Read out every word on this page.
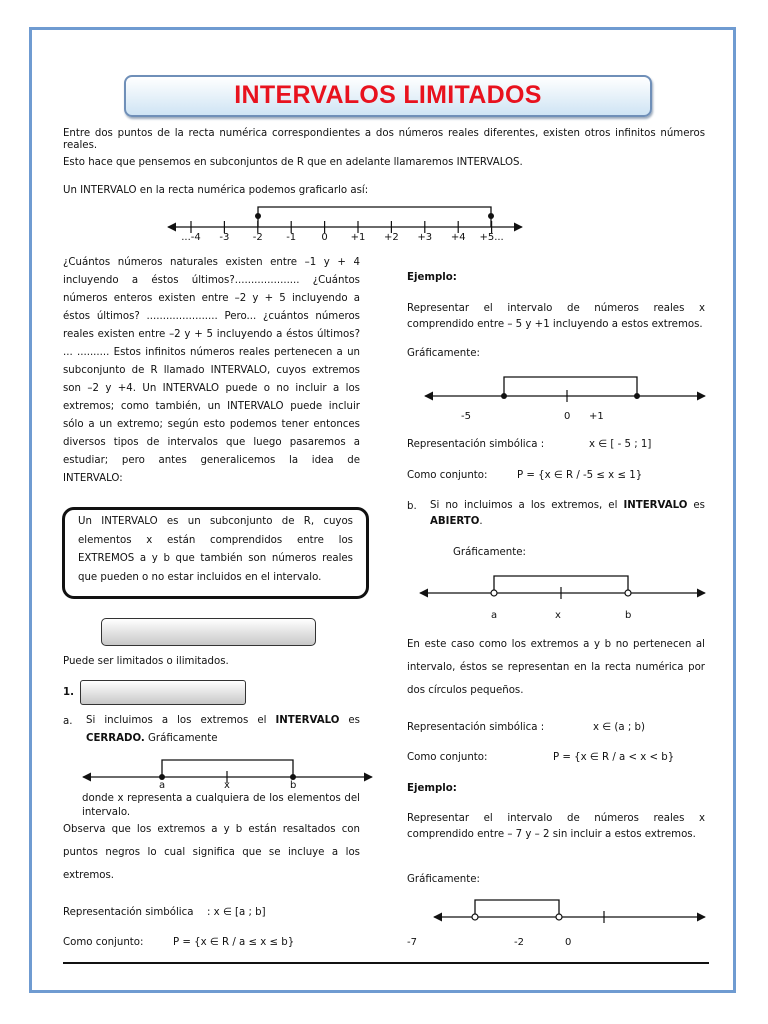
INTERVALOS LIMITADOS
Entre dos puntos de la recta numérica correspondientes a dos números reales diferentes, existen otros infinitos números reales.
Esto hace que pensemos en subconjuntos de R que en adelante llamaremos INTERVALOS.
Un INTERVALO en la recta numérica podemos graficarlo así:
...-4 -3 -2 -1	0 +1 +2 +3 +4 +5...
a	x	b
-5	0 +1
a	x	b
-7	-2	0
¿Cuántos números naturales existen entre –1 y + 4 incluyendo a éstos últimos?.................... ¿Cuántos números enteros existen entre –2 y + 5 incluyendo a éstos últimos? ...................... Pero... ¿cuántos números reales existen entre –2 y + 5 incluyendo a éstos últimos? ... .......... Estos infinitos números reales pertenecen a un subconjunto de R llamado INTERVALO, cuyos extremos son –2 y +4. Un INTERVALO puede o no incluir a los extremos; como también, un INTERVALO puede incluir sólo a un extremo; según esto podemos tener entonces diversos tipos de intervalos que luego pasaremos a estudiar; pero antes generalicemos la idea de INTERVALO:
Un INTERVALO es un subconjunto de R, cuyos elementos x están comprendidos entre los EXTREMOS a y b que también son números reales que pueden o no estar incluidos en el intervalo.
Puede ser limitados o ilimitados.
1.
a. Si incluimos a los extremos el INTERVALO es CERRADO. Gráficamente
donde x representa a cualquiera de los elementos del intervalo.
Observa que los extremos a y b están resaltados con puntos negros lo cual significa que se incluye a los extremos.
Representación simbólica : x ∈ [a ; b]
Como conjunto:	P = {x ∈ R / a ≤ x ≤ b}
Ejemplo:
Representar el intervalo de números reales x comprendido entre – 5 y +1 incluyendo a estos extremos.
Gráficamente:
Representación simbólica :	x ∈ [ - 5 ; 1]
Como conjunto:	P = {x ∈ R / -5 ≤ x ≤ 1}
b. Si no incluimos a los extremos, el INTERVALO es ABIERTO.
Gráficamente:
En este caso como los extremos a y b no pertenecen al intervalo, éstos se representan en la recta numérica por dos círculos pequeños.
Representación simbólica :	x ∈ (a ; b)
Como conjunto:	P = {x ∈ R / a < x < b}
Ejemplo:
Representar el intervalo de números reales x comprendido entre – 7 y – 2 sin incluir a estos extremos.
Gráficamente:
